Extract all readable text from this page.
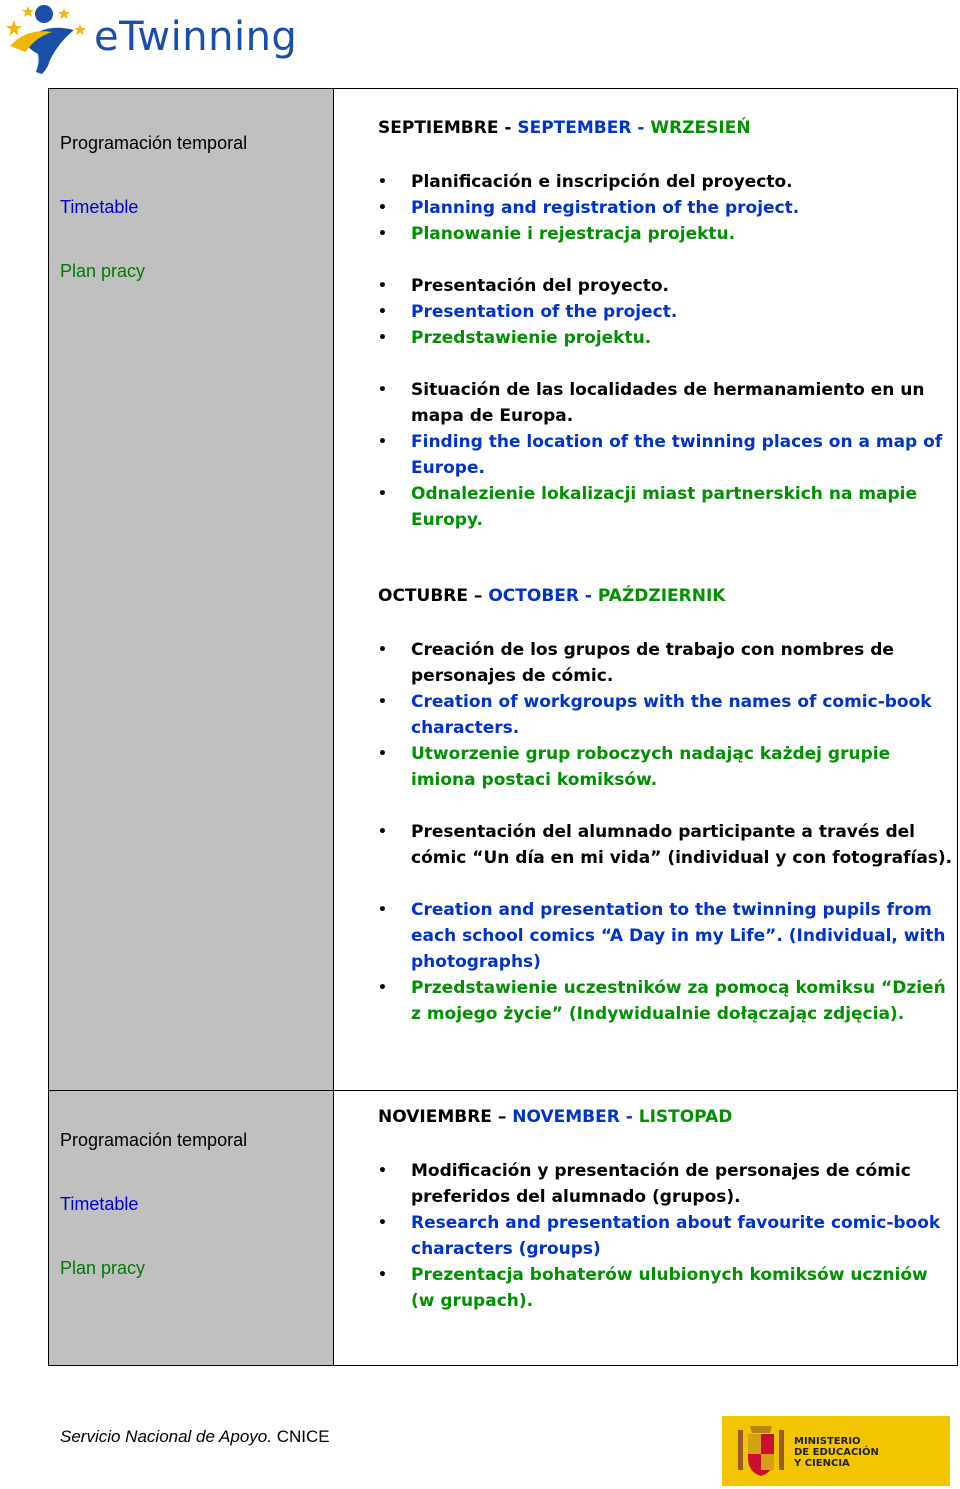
eTwinning
Programación temporal
Timetable
Plan pracy
Programación temporal
Timetable
Plan pracy
SEPTIEMBRE - SEPTEMBER - WRZESIEŃ
•	Planificación e inscripción del proyecto.
•	Planning and registration of the project.
•	Planowanie i rejestracja projektu.
•	Presentación del proyecto.
•	Presentation of the project.
•	Przedstawienie projektu.
•	Situación de las localidades de hermanamiento en un mapa de Europa.
•	Finding the location of the twinning places on a map of Europe.
•	Odnalezienie lokalizacji miast partnerskich na mapie Europy.
OCTUBRE – OCTOBER - PAŹDZIERNIK
•	Creación de los grupos de trabajo con nombres de personajes de cómic.
•	Creation of workgroups with the names of comic-book characters.
•	Utworzenie grup roboczych nadając każdej grupie imiona postaci komiksów.
•	Presentación del alumnado participante a través del cómic “Un día en mi vida” (individual y con fotografías).
•	Creation and presentation to the twinning pupils from each school comics “A Day in my Life”. (Individual, with photographs)
•	Przedstawienie uczestników za pomocą komiksu “Dzień z mojego życie” (Indywidualnie dołączając zdjęcia).
NOVIEMBRE – NOVEMBER - LISTOPAD
•	Modificación y presentación de personajes de cómic preferidos del alumnado (grupos).
•	Research and presentation about favourite comic-book characters (groups)
•	Prezentacja bohaterów ulubionych komiksów uczniów (w grupach).
Servicio Nacional de Apoyo. CNICE	MINISTERIO
DE EDUCACIÓN
Y CIENCIA
